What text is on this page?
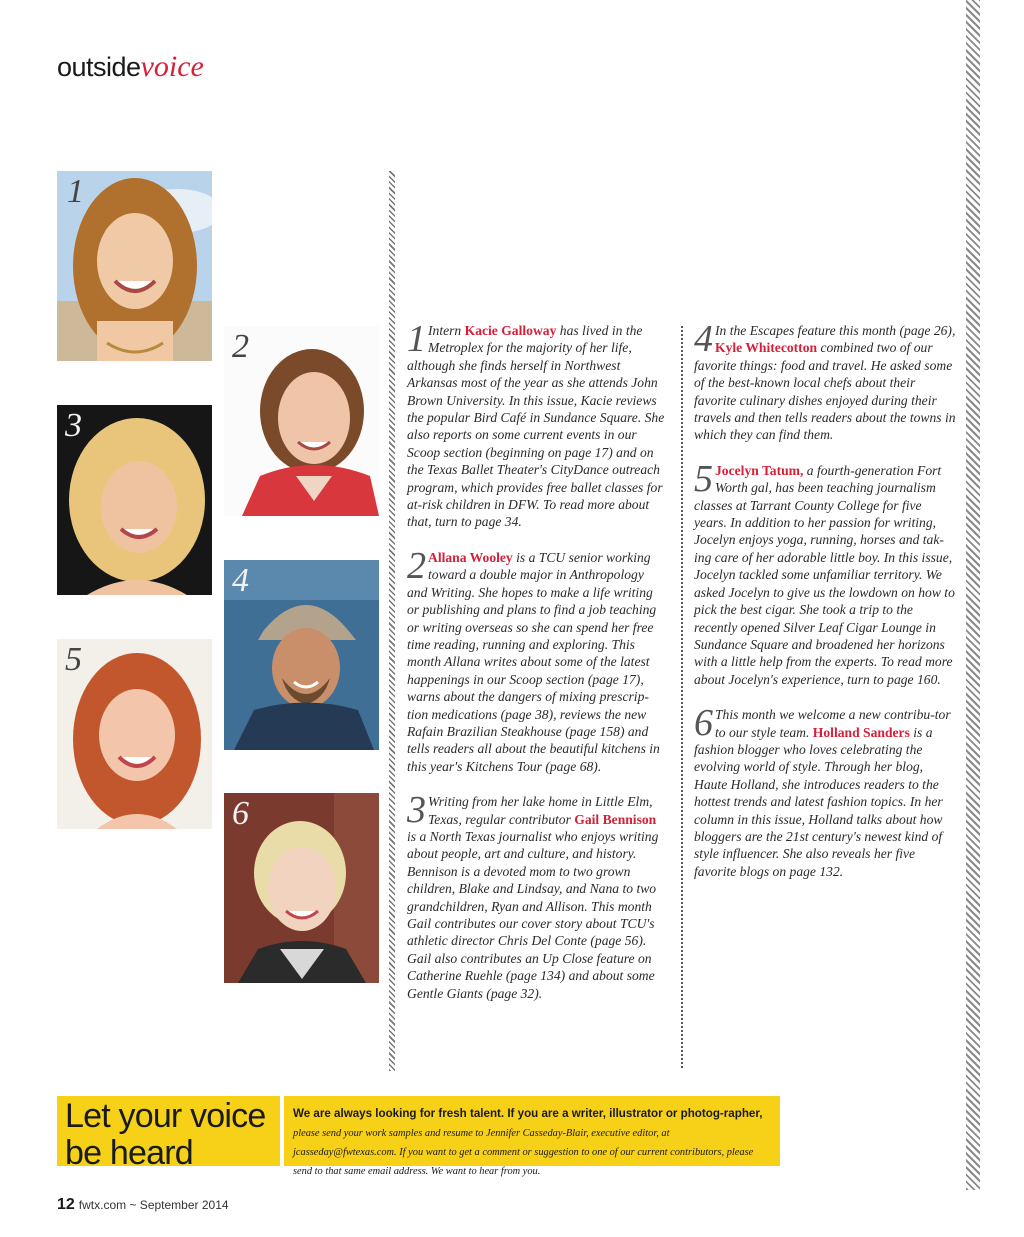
outsidevoice
1
2
3
4
5
6

1 Intern Kacie Galloway has lived in the Metroplex for the majority of her life, although she finds herself in Northwest Arkansas most of the year as she attends John Brown University. In this issue, Kacie reviews the popular Bird Café in Sundance Square. She also reports on some current events in our Scoop section (beginning on page 17) and on the Texas Ballet Theater's CityDance outreach program, which provides free ballet classes for at-risk children in DFW. To read more about that, turn to page 34.

2 Allana Wooley is a TCU senior working toward a double major in Anthropology and Writing. She hopes to make a life writing or publishing and plans to find a job teaching or writing overseas so she can spend her free time reading, running and exploring. This month Allana writes about some of the latest happenings in our Scoop section (page 17), warns about the dangers of mixing prescrip-tion medications (page 38), reviews the new Rafain Brazilian Steakhouse (page 158) and tells readers all about the beautiful kitchens in this year's Kitchens Tour (page 68).

3 Writing from her lake home in Little Elm, Texas, regular contributor Gail Bennison is a North Texas journalist who enjoys writing about people, art and culture, and history. Bennison is a devoted mom to two grown children, Blake and Lindsay, and Nana to two grandchildren, Ryan and Allison. This month Gail contributes our cover story about TCU's athletic director Chris Del Conte (page 56). Gail also contributes an Up Close feature on Catherine Ruehle (page 134) and about some Gentle Giants (page 32).

4 In the Escapes feature this month (page 26), Kyle Whitecotton combined two of our favorite things: food and travel. He asked some of the best-known local chefs about their favorite culinary dishes enjoyed during their travels and then tells readers about the towns in which they can find them.

5 Jocelyn Tatum, a fourth-generation Fort Worth gal, has been teaching journalism classes at Tarrant County College for five years. In addition to her passion for writing, Jocelyn enjoys yoga, running, horses and tak-ing care of her adorable little boy. In this issue, Jocelyn tackled some unfamiliar territory. We asked Jocelyn to give us the lowdown on how to pick the best cigar. She took a trip to the recently opened Silver Leaf Cigar Lounge in Sundance Square and broadened her horizons with a little help from the experts. To read more about Jocelyn's experience, turn to page 160.

6 This month we welcome a new contribu-tor to our style team. Holland Sanders is a fashion blogger who loves celebrating the evolving world of style. Through her blog, Haute Holland, she introduces readers to the hottest trends and latest fashion topics. In her column in this issue, Holland talks about how bloggers are the 21st century's newest kind of style influencer. She also reveals her five favorite blogs on page 132.

Let your voice
be heard
We are always looking for fresh talent. If you are a writer, illustrator or photog-rapher, please send your work samples and resume to Jennifer Casseday-Blair, executive editor, at jcasseday@fwtexas.com. If you want to get a comment or suggestion to one of our current contributors, please send to that same email address. We want to hear from you.
12 fwtx.com ~ September 2014
